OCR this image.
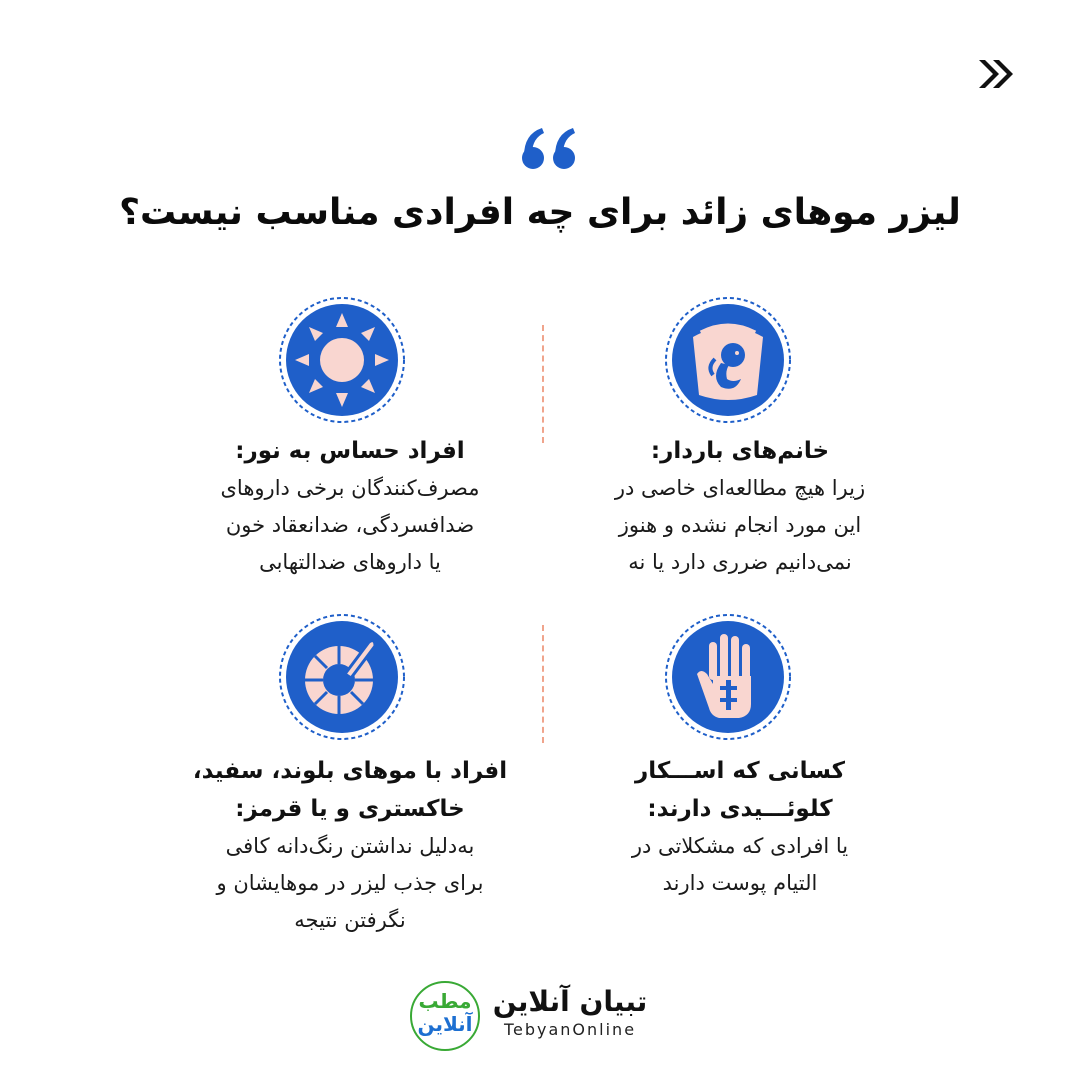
لیزر موهای زائد برای چه افرادی مناسب نیست؟
خانم‌های باردار:
زیرا هیچ مطالعه‌ای خاصی در
این مورد انجام نشده و هنوز
نمی‌دانیم ضرری دارد یا نه
افراد حساس به نور:
مصرف‌کنندگان برخی داروهای
ضدافسردگی، ضدانعقاد خون
یا داروهای ضدالتهابی
کسانی که اســـکار
کلوئـــیدی دارند:
یا افرادی که مشکلاتی در
التیام پوست دارند
افراد با موهای بلوند، سفید،
خاکستری و یا قرمز:
به‌دلیل نداشتن رنگ‌دانه کافی
برای جذب لیزر در موهایشان و
نگرفتن نتیجه
مطب
آنلاین
تبیان آنلاین
TebyanOnline
